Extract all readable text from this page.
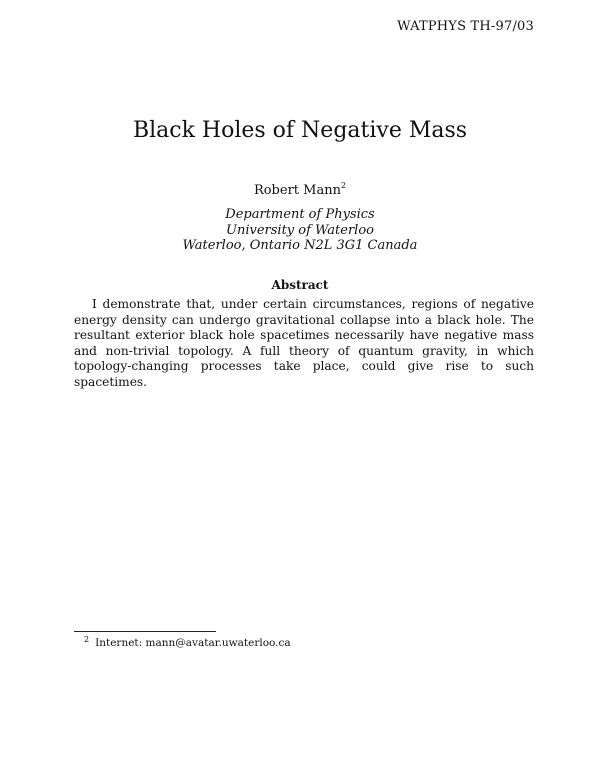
WATPHYS TH-97/03
Black Holes of Negative Mass
Robert Mann$^2$
Department of Physics
University of Waterloo
Waterloo, Ontario N2L 3G1 Canada
Abstract

I demonstrate that, under certain circumstances, regions of negative energy density can undergo gravitational collapse into a black hole. The resultant exterior black hole spacetimes necessarily have negative mass and non-trivial topology. A full theory of quantum gravity, in which topology-changing processes take place, could give rise to such spacetimes.

$^2$ Internet: mann@avatar.uwaterloo.ca
